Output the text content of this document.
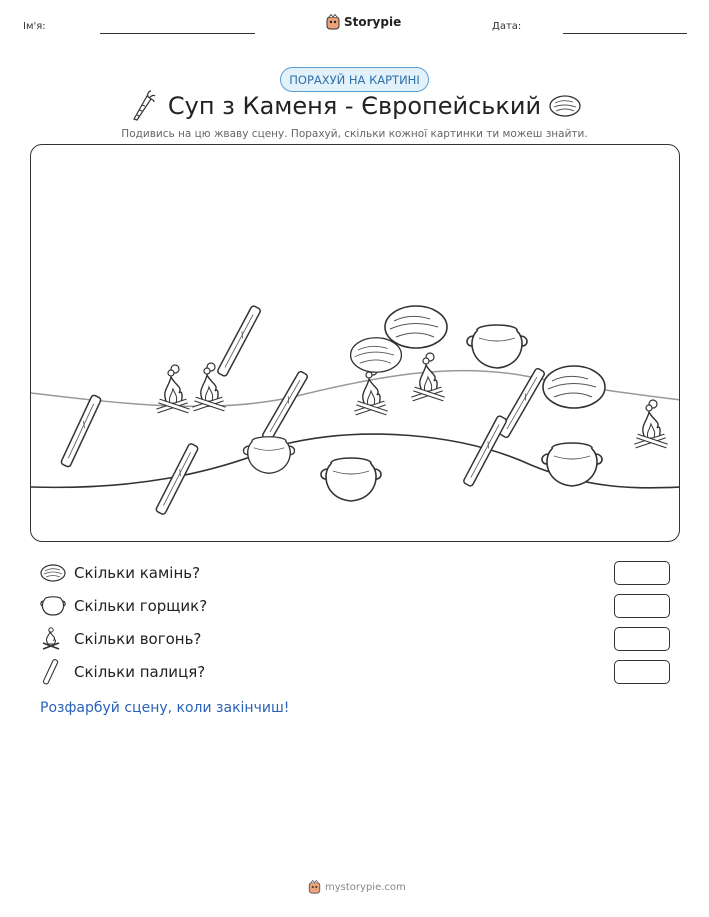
Ім'я:	Storypie	Дата:
ПОРАХУЙ НА КАРТИНІ
Суп з Каменя - Європейський
Подивись на цю жваву сцену. Порахуй, скільки кожної картинки ти можеш знайти.
Скільки камінь?
Скільки горщик?
Скільки вогонь?
Скільки палиця?
Розфарбуй сцену, коли закінчиш!
mystorypie.com
